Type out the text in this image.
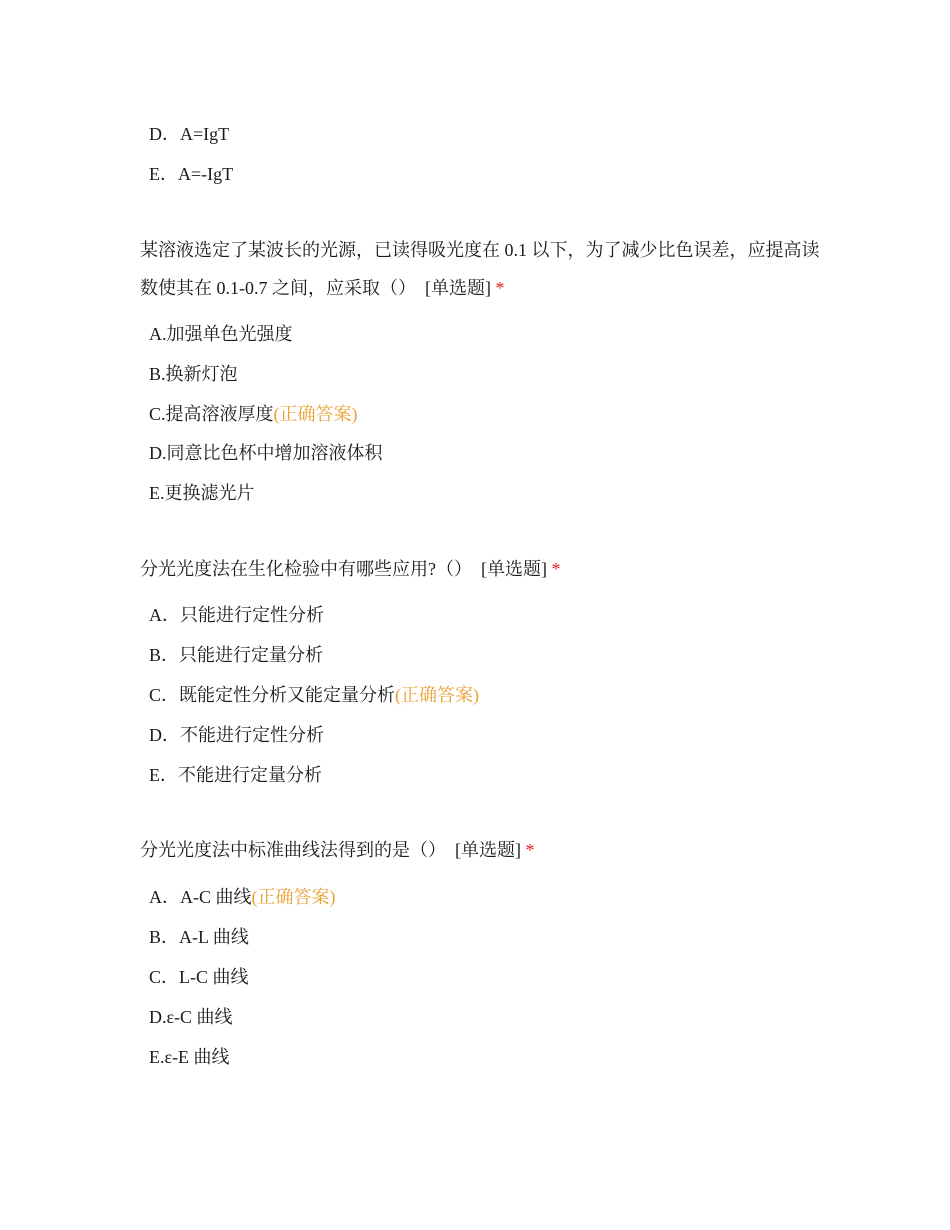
D．A=IgT
E．A=-IgT
某溶液选定了某波长的光源，已读得吸光度在 0.1 以下，为了减少比色误差，应提高读数使其在 0.1-0.7 之间，应采取（） [单选题] *
A.加强单色光强度
B.换新灯泡
C.提高溶液厚度(正确答案)
D.同意比色杯中增加溶液体积
E.更换滤光片
分光光度法在生化检验中有哪些应用?（） [单选题] *
A．只能进行定性分析
B．只能进行定量分析
C．既能定性分析又能定量分析(正确答案)
D．不能进行定性分析
E．不能进行定量分析
分光光度法中标准曲线法得到的是（） [单选题] *
A．A-C 曲线(正确答案)
B．A-L 曲线
C．L-C 曲线
D.ε-C 曲线
E.ε-E 曲线
